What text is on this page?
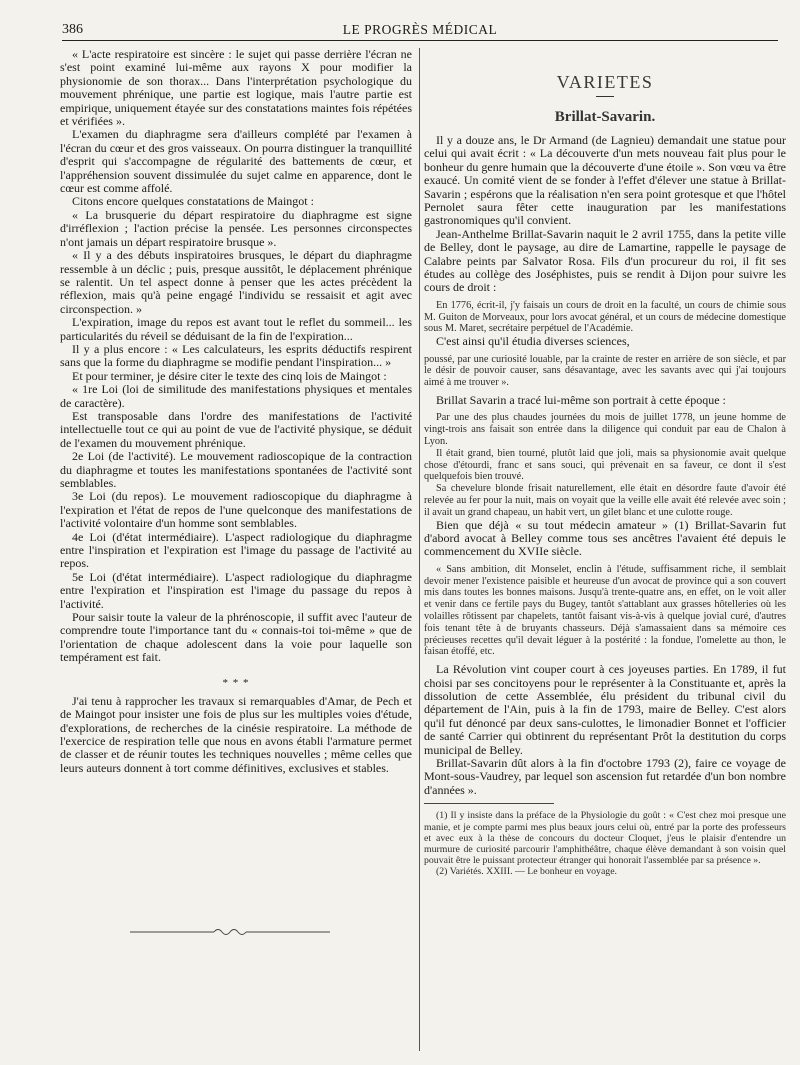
386	LE PROGRÈS MÉDICAL

« L'acte respiratoire est sincère : le sujet qui passe derrière l'écran ne s'est point examiné lui-même aux rayons X pour modifier la physionomie de son thorax... Dans l'interprétation psychologique du mouvement phrénique, une partie est logique, mais l'autre partie est empirique, uniquement étayée sur des constatations maintes fois répétées et vérifiées ».

L'examen du diaphragme sera d'ailleurs complété par l'examen à l'écran du cœur et des gros vaisseaux. On pourra distinguer la tranquillité d'esprit qui s'accompagne de régularité des battements de cœur, et l'appréhension souvent dissimulée du sujet calme en apparence, dont le cœur est comme affolé.

Citons encore quelques constatations de Maingot :

« La brusquerie du départ respiratoire du diaphragme est signe d'irréflexion ; l'action précise la pensée. Les personnes circonspectes n'ont jamais un départ respiratoire brusque ».

« Il y a des débuts inspiratoires brusques, le départ du diaphragme ressemble à un déclic ; puis, presque aussitôt, le déplacement phrénique se ralentit. Un tel aspect donne à penser que les actes précèdent la réflexion, mais qu'à peine engagé l'individu se ressaisit et agit avec circonspection. »

L'expiration, image du repos est avant tout le reflet du sommeil... les particularités du réveil se déduisant de la fin de l'expiration...

Il y a plus encore : « Les calculateurs, les esprits déductifs respirent sans que la forme du diaphragme se modifie pendant l'inspiration... »

Et pour terminer, je désire citer le texte des cinq lois de Maingot :

« 1re Loi (loi de similitude des manifestations physiques et mentales de caractère).

Est transposable dans l'ordre des manifestations de l'activité intellectuelle tout ce qui au point de vue de l'activité physique, se déduit de l'examen du mouvement phrénique.

2e Loi (de l'activité). Le mouvement radioscopique de la contraction du diaphragme et toutes les manifestations spontanées de l'activité sont semblables.

3e Loi (du repos). Le mouvement radioscopique du diaphragme à l'expiration et l'état de repos de l'une quelconque des manifestations de l'activité volontaire d'un homme sont semblables.

4e Loi (d'état intermédiaire). L'aspect radiologique du diaphragme entre l'inspiration et l'expiration est l'image du passage de l'activité au repos.

5e Loi (d'état intermédiaire). L'aspect radiologique du diaphragme entre l'expiration et l'inspiration est l'image du passage du repos à l'activité.

Pour saisir toute la valeur de la phrénoscopie, il suffit avec l'auteur de comprendre toute l'importance tant du « connais-toi toi-même » que de l'orientation de chaque adolescent dans la voie pour laquelle son tempérament est fait.

* * *

J'ai tenu à rapprocher les travaux si remarquables d'Amar, de Pech et de Maingot pour insister une fois de plus sur les multiples voies d'étude, d'explorations, de recherches de la cinésie respiratoire. La méthode de l'exercice de respiration telle que nous en avons établi l'armature permet de classer et de réunir toutes les techniques nouvelles ; même celles que leurs auteurs donnent à tort comme définitives, exclusives et stables.

VARIETES
Brillat-Savarin.

Il y a douze ans, le Dr Armand (de Lagnieu) demandait une statue pour celui qui avait écrit : « La découverte d'un mets nouveau fait plus pour le bonheur du genre humain que la découverte d'une étoile ». Son vœu va être exaucé. Un comité vient de se fonder à l'effet d'élever une statue à Brillat-Savarin ; espérons que la réalisation n'en sera point grotesque et que l'hôtel Pernolet saura fêter cette inauguration par les manifestations gastronomiques qu'il convient.

Jean-Anthelme Brillat-Savarin naquit le 2 avril 1755, dans la petite ville de Belley, dont le paysage, au dire de Lamartine, rappelle le paysage de Calabre peints par Salvator Rosa. Fils d'un procureur du roi, il fit ses études au collège des Joséphistes, puis se rendit à Dijon pour suivre les cours de droit :

En 1776, écrit-il, j'y faisais un cours de droit en la faculté, un cours de chimie sous M. Guiton de Morveaux, pour lors avocat général, et un cours de médecine domestique sous M. Maret, secrétaire perpétuel de l'Académie.

C'est ainsi qu'il étudia diverses sciences,

poussé, par une curiosité louable, par la crainte de rester en arrière de son siècle, et par le désir de pouvoir causer, sans désavantage, avec les savants avec qui j'ai toujours aimé à me trouver ».

Brillat Savarin a tracé lui-même son portrait à cette époque :

Par une des plus chaudes journées du mois de juillet 1778, un jeune homme de vingt-trois ans faisait son entrée dans la diligence qui conduit par eau de Chalon à Lyon.

Il était grand, bien tourné, plutôt laid que joli, mais sa physionomie avait quelque chose d'étourdi, franc et sans souci, qui prévenait en sa faveur, ce dont il s'est quelquefois bien trouvé.

Sa chevelure blonde frisait naturellement, elle était en désordre faute d'avoir été relevée au fer pour la nuit, mais on voyait que la veille elle avait été relevée avec soin ; il avait un grand chapeau, un habit vert, un gilet blanc et une culotte rouge.

Bien que déjà « su tout médecin amateur » (1) Brillat-Savarin fut d'abord avocat à Belley comme tous ses ancêtres l'avaient été depuis le commencement du XVIIe siècle.

« Sans ambition, dit Monselet, enclin à l'étude, suffisamment riche, il semblait devoir mener l'existence paisible et heureuse d'un avocat de province qui a son couvert mis dans toutes les bonnes maisons. Jusqu'à trente-quatre ans, en effet, on le voit aller et venir dans ce fertile pays du Bugey, tantôt s'attablant aux grasses hôtelleries où les volailles rôtissent par chapelets, tantôt faisant vis-à-vis à quelque jovial curé, d'autres fois tenant tête à de bruyants chasseurs. Déjà s'amassaient dans sa mémoire ces précieuses recettes qu'il devait léguer à la postérité : la fondue, l'omelette au thon, le faisan étoffé, etc.

La Révolution vint couper court à ces joyeuses parties. En 1789, il fut choisi par ses concitoyens pour le représenter à la Constituante et, après la dissolution de cette Assemblée, élu président du tribunal civil du département de l'Ain, puis à la fin de 1793, maire de Belley. C'est alors qu'il fut dénoncé par deux sans-culottes, le limonadier Bonnet et l'officier de santé Carrier qui obtinrent du représentant Prôt la destitution du corps municipal de Belley.

Brillat-Savarin dût alors à la fin d'octobre 1793 (2), faire ce voyage de Mont-sous-Vaudrey, par lequel son ascension fut retardée d'un bon nombre d'années ».

(1) Il y insiste dans la préface de la Physiologie du goût : « C'est chez moi presque une manie, et je compte parmi mes plus beaux jours celui où, entré par la porte des professeurs et avec eux à la thèse de concours du docteur Cloquet, j'eus le plaisir d'entendre un murmure de curiosité parcourir l'amphithéâtre, chaque élève demandant à son voisin quel pouvait être le puissant protecteur étranger qui honorait l'assemblée par sa présence ».

(2) Variétés. XXIII. — Le bonheur en voyage.
